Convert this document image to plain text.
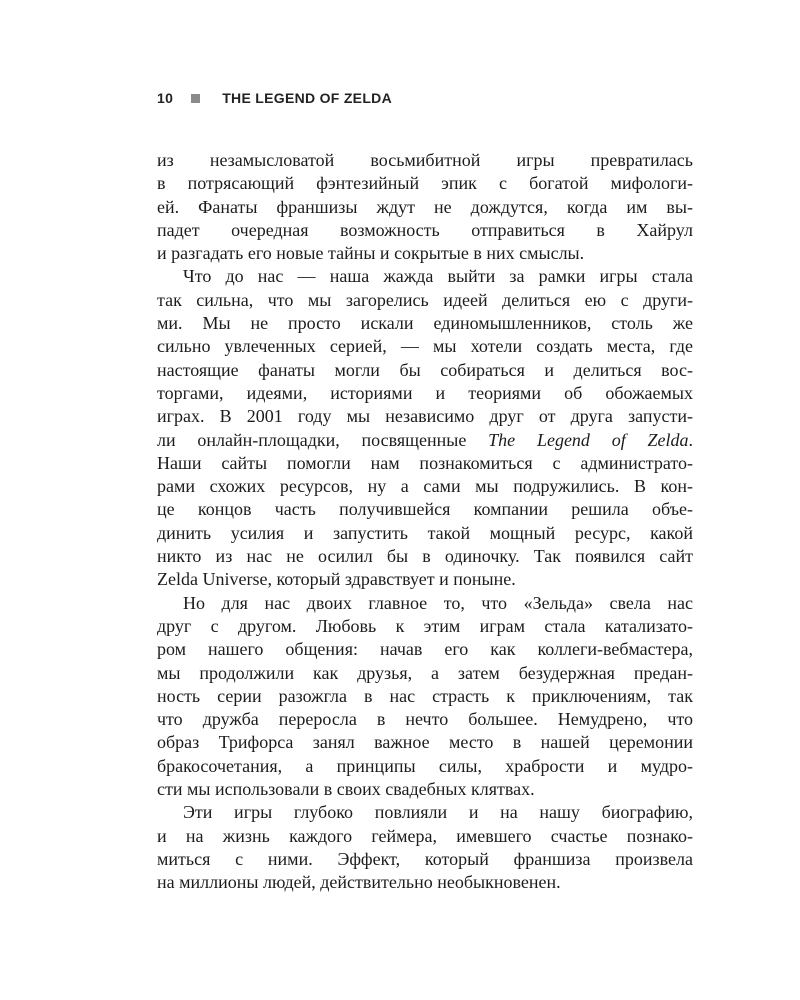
10	THE LEGEND OF ZELDA
из незамысловатой восьмибитной игры превратилась
в потрясающий фэнтезийный эпик с богатой мифологи-
ей. Фанаты франшизы ждут не дождутся, когда им вы-
падет очередная возможность отправиться в Хайрул
и разгадать его новые тайны и сокрытые в них смыслы.
Что до нас — наша жажда выйти за рамки игры стала
так сильна, что мы загорелись идеей делиться ею с други-
ми. Мы не просто искали единомышленников, столь же
сильно увлеченных серией, — мы хотели создать места, где
настоящие фанаты могли бы собираться и делиться вос-
торгами, идеями, историями и теориями об обожаемых
играх. В 2001 году мы независимо друг от друга запусти-
ли онлайн-площадки, посвященные The Legend of Zelda.
Наши сайты помогли нам познакомиться с администрато-
рами схожих ресурсов, ну а сами мы подружились. В кон-
це концов часть получившейся компании решила объе-
динить усилия и запустить такой мощный ресурс, какой
никто из нас не осилил бы в одиночку. Так появился сайт
Zelda Universe, который здравствует и поныне.
Но для нас двоих главное то, что «Зельда» свела нас
друг с другом. Любовь к этим играм стала катализато-
ром нашего общения: начав его как коллеги-вебмастера,
мы продолжили как друзья, а затем безудержная предан-
ность серии разожгла в нас страсть к приключениям, так
что дружба переросла в нечто большее. Немудрено, что
образ Трифорса занял важное место в нашей церемонии
бракосочетания, а принципы силы, храбрости и мудро-
сти мы использовали в своих свадебных клятвах.
Эти игры глубоко повлияли и на нашу биографию,
и на жизнь каждого геймера, имевшего счастье познако-
миться с ними. Эффект, который франшиза произвела
на миллионы людей, действительно необыкновенен.
